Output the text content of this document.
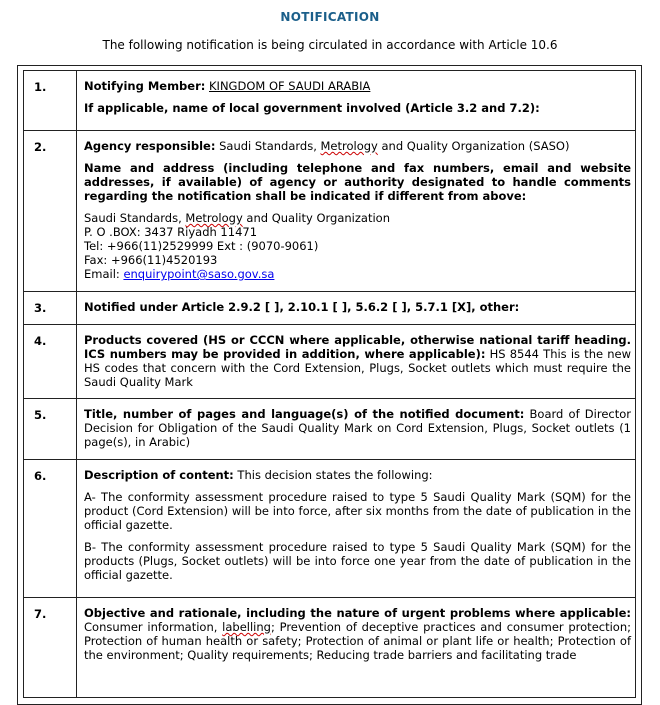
NOTIFICATION
The following notification is being circulated in accordance with Article 10.6
1.	Notifying Member: KINGDOM OF SAUDI ARABIA

If applicable, name of local government involved (Article 3.2 and 7.2):

2.	Agency responsible: Saudi Standards, Metrology and Quality Organization (SASO)

Name and address (including telephone and fax numbers, email and website addresses, if available) of agency or authority designated to handle comments regarding the notification shall be indicated if different from above:

Saudi Standards, Metrology and Quality Organization

P. O .BOX: 3437 Riyadh 11471

Tel: +966(11)2529999 Ext : (9070-9061)

Fax: +966(11)4520193

Email: enquirypoint@saso.gov.sa

3.	Notified under Article 2.9.2 [ ], 2.10.1 [ ], 5.6.2 [ ], 5.7.1 [X], other:

4.	Products covered (HS or CCCN where applicable, otherwise national tariff heading. ICS numbers may be provided in addition, where applicable): HS 8544 This is the new HS codes that concern with the Cord Extension, Plugs, Socket outlets which must require the Saudi Quality Mark

5.	Title, number of pages and language(s) of the notified document: Board of Director Decision for Obligation of the Saudi Quality Mark on Cord Extension, Plugs, Socket outlets (1 page(s), in Arabic)

6.	Description of content: This decision states the following:

A- The conformity assessment procedure raised to type 5 Saudi Quality Mark (SQM) for the product (Cord Extension) will be into force, after six months from the date of publication in the official gazette.

B- The conformity assessment procedure raised to type 5 Saudi Quality Mark (SQM) for the products (Plugs, Socket outlets) will be into force one year from the date of publication in the official gazette.

7.	Objective and rationale, including the nature of urgent problems where applicable: Consumer information, labelling; Prevention of deceptive practices and consumer protection; Protection of human health or safety; Protection of animal or plant life or health; Protection of the environment; Quality requirements; Reducing trade barriers and facilitating trade
